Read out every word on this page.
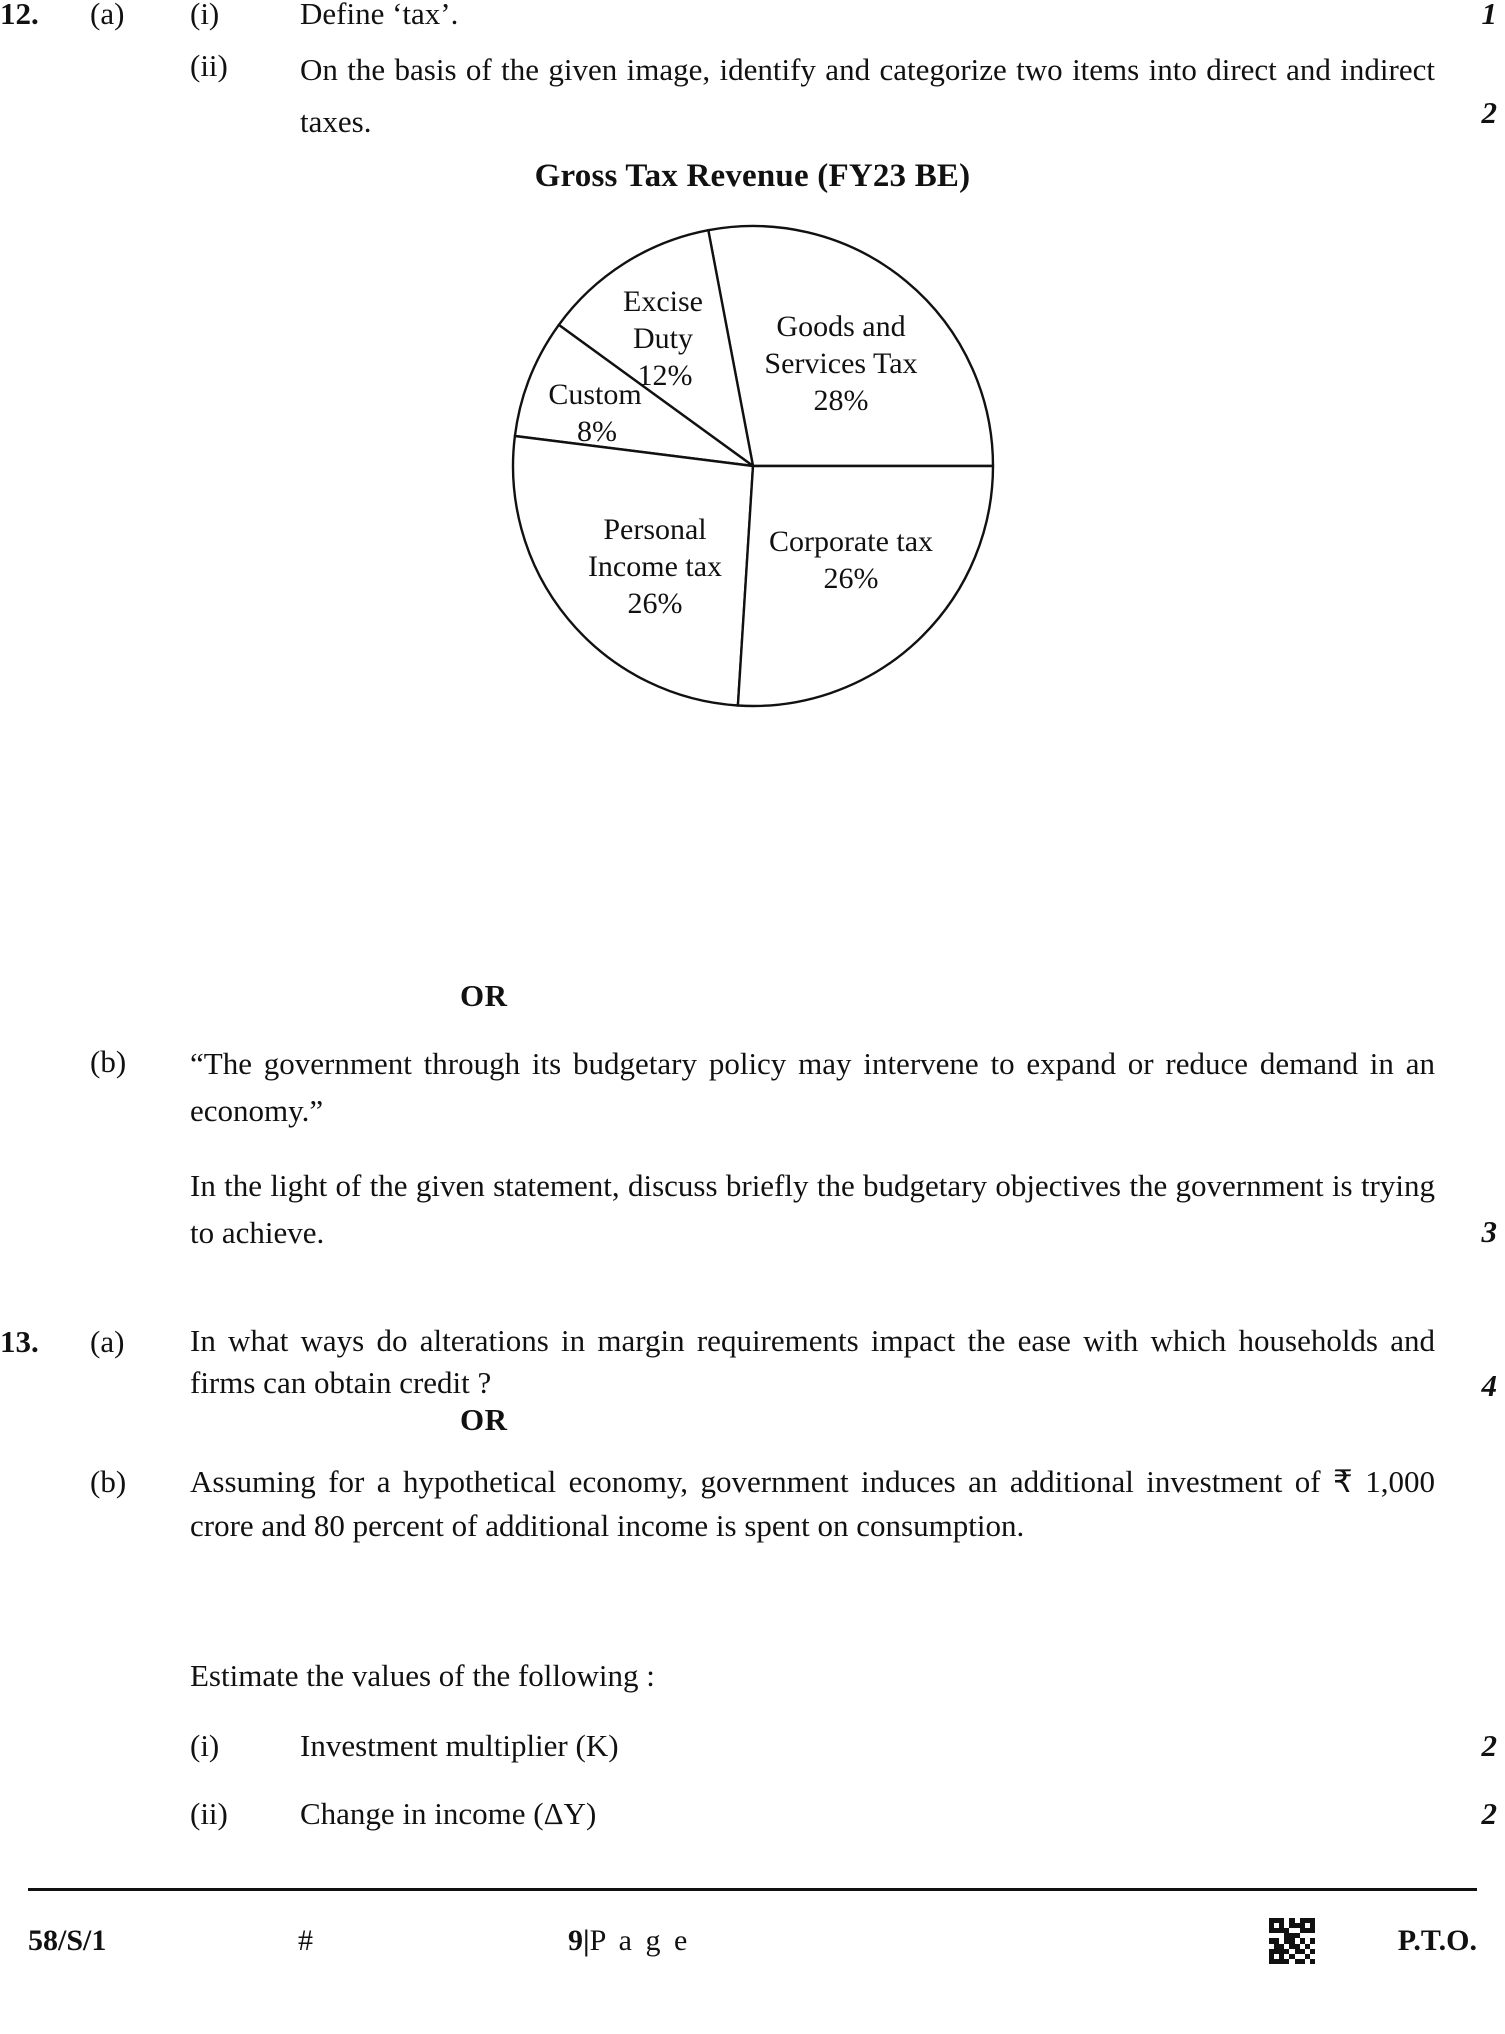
12.	(a)	(i)	Define ‘tax’.	1
(ii)	On the basis of the given image, identify and categorize two items into direct and indirect taxes.	2
Gross Tax Revenue (FY23 BE)
Goods and
Services Tax
28%
Excise
Duty
12%
Custom
8%
Personal
Income tax
26%
Corporate tax
26%
OR
(b)	“The government through its budgetary policy may intervene to expand or reduce demand in an economy.”
In the light of the given statement, discuss briefly the budgetary objectives the government is trying to achieve.	3
13.	(a)	In what ways do alterations in margin requirements impact the ease with which households and firms can obtain credit ?	4
OR
(b)	Assuming for a hypothetical economy, government induces an additional investment of ₹ 1,000 crore and 80 percent of additional income is spent on consumption.
Estimate the values of the following :
(i)	Investment multiplier (K)	2
(ii)	Change in income (ΔY)	2
58/S/1	#	9|P a g e	P.T.O.
